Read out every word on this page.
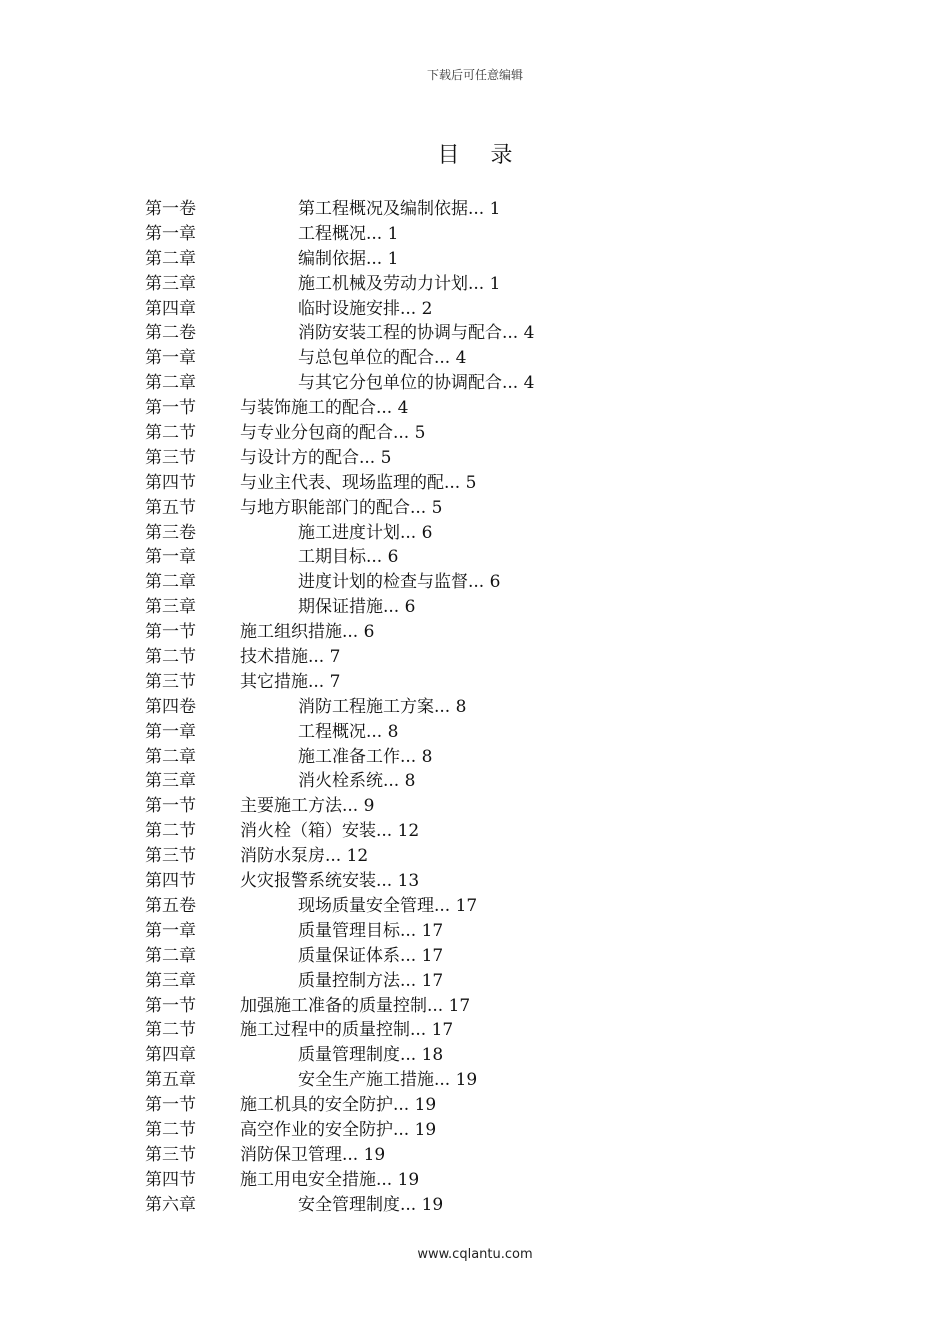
下载后可任意编辑
目 录
第一卷	第工程概况及编制依据... 1
第一章	工程概况... 1
第二章	编制依据... 1
第三章	施工机械及劳动力计划... 1
第四章	临时设施安排... 2
第二卷	消防安装工程的协调与配合... 4
第一章	与总包单位的配合... 4
第二章	与其它分包单位的协调配合... 4
第一节	与装饰施工的配合... 4
第二节	与专业分包商的配合... 5
第三节	与设计方的配合... 5
第四节	与业主代表、现场监理的配... 5
第五节	与地方职能部门的配合... 5
第三卷	施工进度计划... 6
第一章	工期目标... 6
第二章	进度计划的检查与监督... 6
第三章	期保证措施... 6
第一节	施工组织措施... 6
第二节	技术措施... 7
第三节	其它措施... 7
第四卷	消防工程施工方案... 8
第一章	工程概况... 8
第二章	施工准备工作... 8
第三章	消火栓系统... 8
第一节	主要施工方法... 9
第二节	消火栓（箱）安装... 12
第三节	消防水泵房... 12
第四节	火灾报警系统安装... 13
第五卷	现场质量安全管理... 17
第一章	质量管理目标... 17
第二章	质量保证体系... 17
第三章	质量控制方法... 17
第一节	加强施工准备的质量控制... 17
第二节	施工过程中的质量控制... 17
第四章	质量管理制度... 18
第五章	安全生产施工措施... 19
第一节	施工机具的安全防护... 19
第二节	高空作业的安全防护... 19
第三节	消防保卫管理... 19
第四节	施工用电安全措施... 19
第六章	安全管理制度... 19
www.cqlantu.com
